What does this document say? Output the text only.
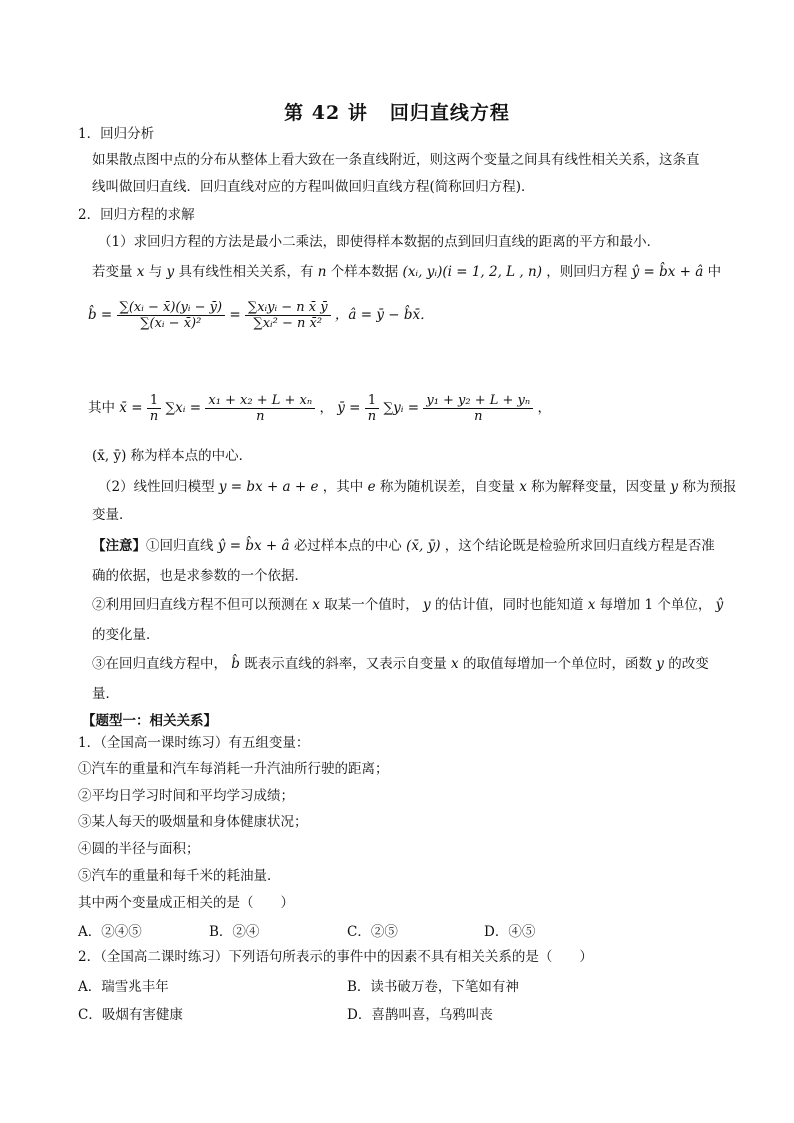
第 42 讲 回归直线方程
1．回归分析
如果散点图中点的分布从整体上看大致在一条直线附近，则这两个变量之间具有线性相关关系，这条直
线叫做回归直线．回归直线对应的方程叫做回归直线方程(简称回归方程)．
2．回归方程的求解
（1）求回归方程的方法是最小二乘法，即使得样本数据的点到回归直线的距离的平方和最小．
若变量 x 与 y 具有线性相关关系，有 n 个样本数据 (xᵢ, yᵢ)(i = 1, 2, L , n) ，则回归方程 ŷ = b̂x + â 中
b̂ = $\frac{\text{∑(xᵢ − x̄)(yᵢ − ȳ)}}{\text{∑(xᵢ − x̄)²}} = \frac{\text{∑xᵢyᵢ − n x̄ ȳ}}{\text{∑xᵢ² − n x̄²}}$ ，â = ȳ − b̂x̄．
其中 x̄ = $\frac{1}{n}$ ∑xᵢ = $\frac{\text{x₁ + x₂ + L + xₙ}}{n}$ ， ȳ = $\frac{1}{n}$ ∑yᵢ = $\frac{\text{y₁ + y₂ + L + yₙ}}{n}$ ，
(x̄, ȳ) 称为样本点的中心．
（2）线性回归模型 y = bx + a + e ，其中 e 称为随机误差，自变量 x 称为解释变量，因变量 y 称为预报
变量．
【注意】①回归直线 ŷ = b̂x + â 必过样本点的中心 (x̄, ȳ) ，这个结论既是检验所求回归直线方程是否准
确的依据，也是求参数的一个依据．
②利用回归直线方程不但可以预测在 x 取某一个值时， y 的估计值，同时也能知道 x 每增加 1 个单位， ŷ
的变化量．
③在回归直线方程中， b̂ 既表示直线的斜率，又表示自变量 x 的取值每增加一个单位时，函数 y 的改变
量．
【题型一：相关关系】
1．（全国高一课时练习）有五组变量：
①汽车的重量和汽车每消耗一升汽油所行驶的距离；
②平均日学习时间和平均学习成绩；
③某人每天的吸烟量和身体健康状况；
④圆的半径与面积；
⑤汽车的重量和每千米的耗油量．
其中两个变量成正相关的是（　　）
A．②④⑤	B．②④	C．②⑤	D．④⑤
2．（全国高二课时练习）下列语句所表示的事件中的因素不具有相关关系的是（　　）
A．瑞雪兆丰年	B．读书破万卷，下笔如有神
C．吸烟有害健康	D．喜鹊叫喜，乌鸦叫丧
